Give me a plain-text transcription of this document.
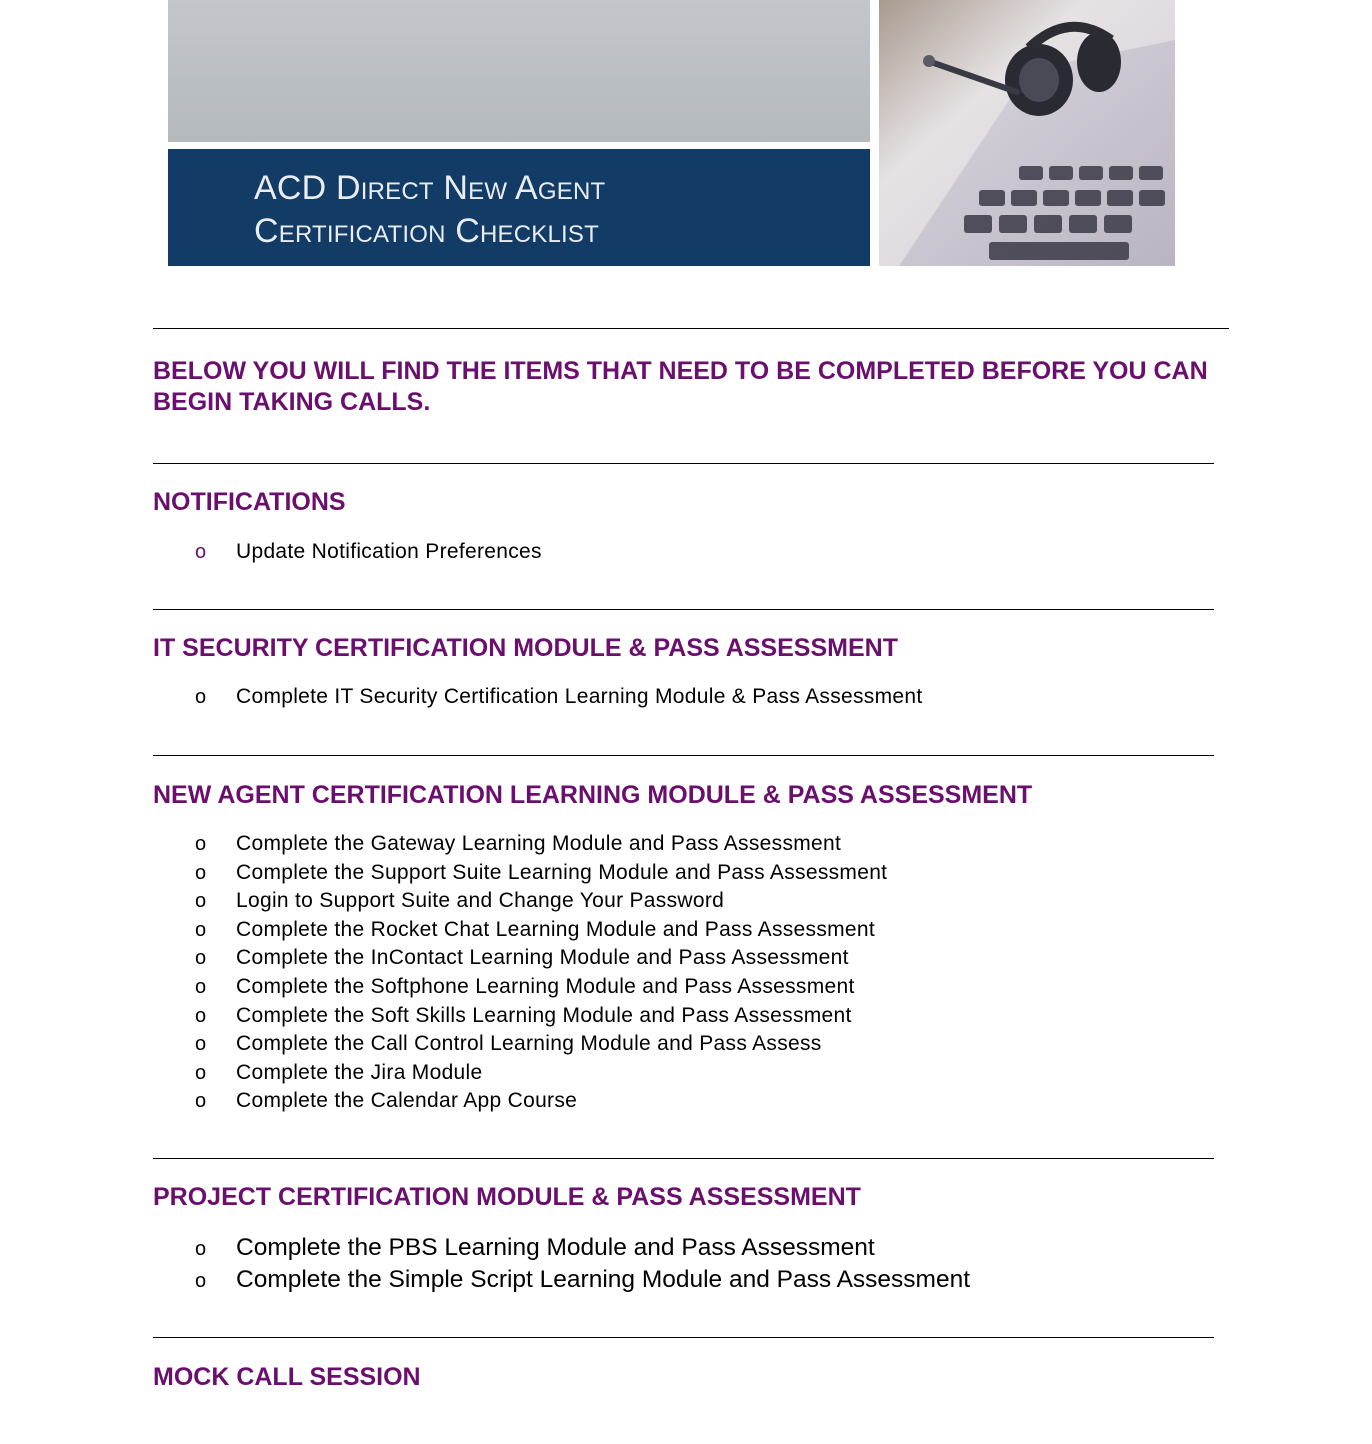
ACD Direct New Agent
Certification Checklist
BELOW YOU WILL FIND THE ITEMS THAT NEED TO BE COMPLETED BEFORE YOU CAN BEGIN TAKING CALLS.
NOTIFICATIONS
o Update Notification Preferences
IT SECURITY CERTIFICATION MODULE & PASS ASSESSMENT
o Complete IT Security Certification Learning Module & Pass Assessment
NEW AGENT CERTIFICATION LEARNING MODULE & PASS ASSESSMENT
o Complete the Gateway Learning Module and Pass Assessment
o Complete the Support Suite Learning Module and Pass Assessment
o Login to Support Suite and Change Your Password
o Complete the Rocket Chat Learning Module and Pass Assessment
o Complete the InContact Learning Module and Pass Assessment
o Complete the Softphone Learning Module and Pass Assessment
o Complete the Soft Skills Learning Module and Pass Assessment
o Complete the Call Control Learning Module and Pass Assess
o Complete the Jira Module
o Complete the Calendar App Course
PROJECT CERTIFICATION MODULE & PASS ASSESSMENT
o Complete the PBS Learning Module and Pass Assessment
o Complete the Simple Script Learning Module and Pass Assessment
MOCK CALL SESSION
